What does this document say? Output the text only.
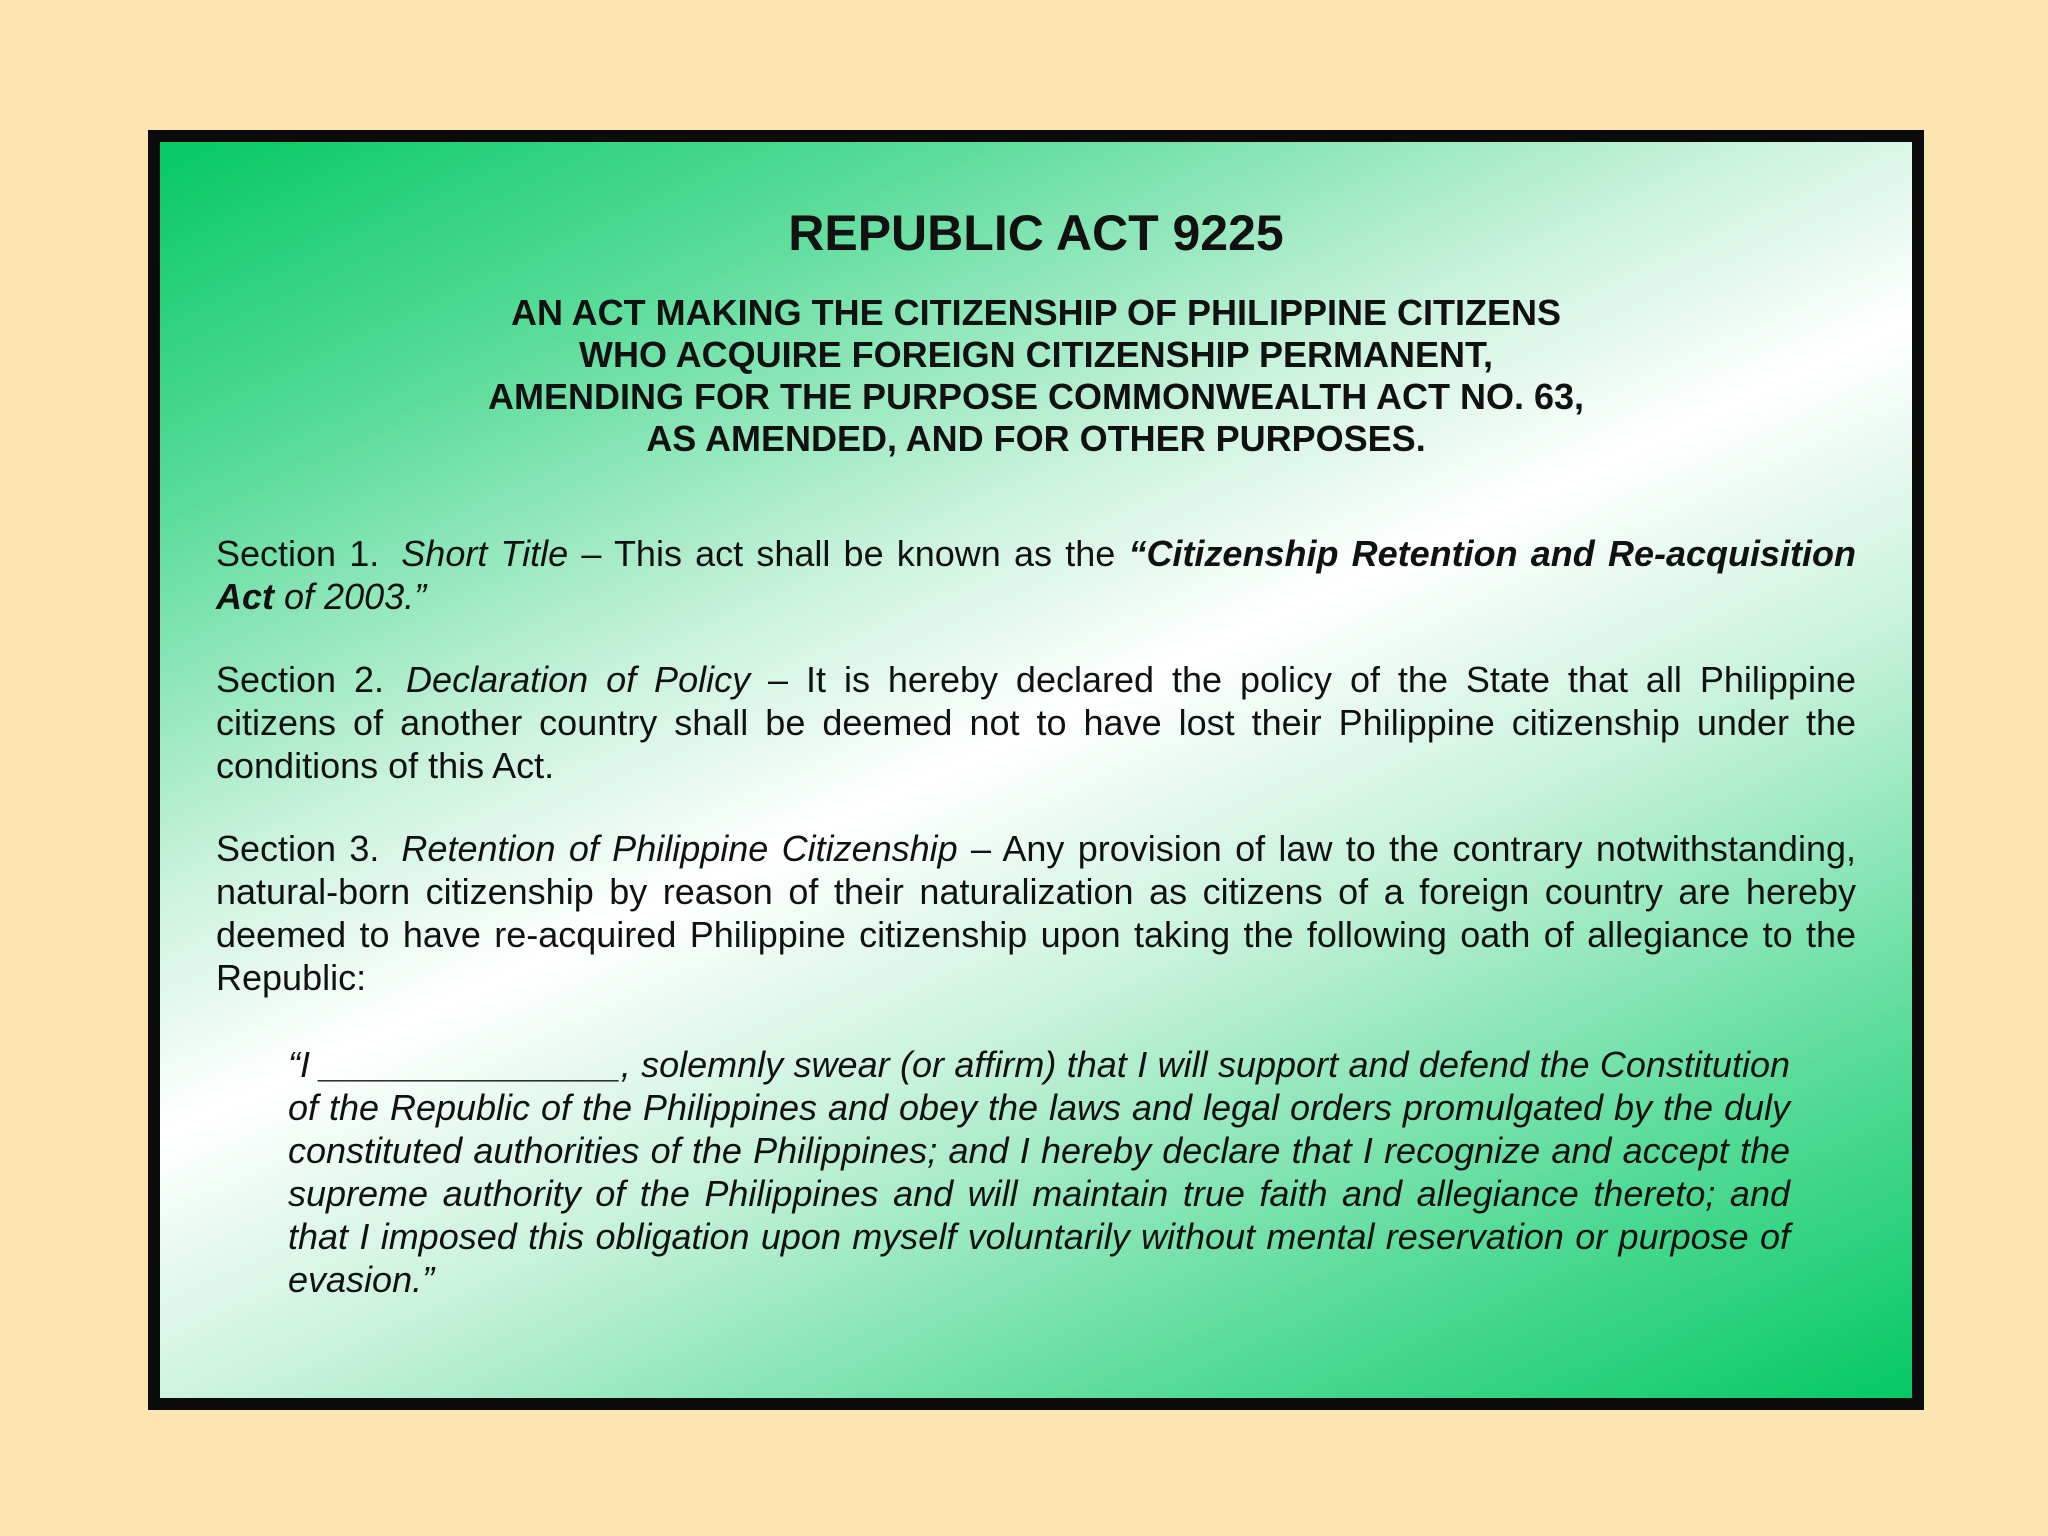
REPUBLIC ACT 9225
AN ACT MAKING THE CITIZENSHIP OF PHILIPPINE CITIZENS
WHO ACQUIRE FOREIGN CITIZENSHIP PERMANENT,
AMENDING FOR THE PURPOSE COMMONWEALTH ACT NO. 63,
AS AMENDED, AND FOR OTHER PURPOSES.

Section 1. Short Title – This act shall be known as the “Citizenship Retention and Re-acquisition Act of 2003.”

Section 2. Declaration of Policy – It is hereby declared the policy of the State that all Philippine citizens of another country shall be deemed not to have lost their Philippine citizenship under the conditions of this Act.

Section 3. Retention of Philippine Citizenship – Any provision of law to the contrary notwithstanding, natural-born citizenship by reason of their naturalization as citizens of a foreign country are hereby deemed to have re-acquired Philippine citizenship upon taking the following oath of allegiance to the Republic:

“I _______________, solemnly swear (or affirm) that I will support and defend the Constitution of the Republic of the Philippines and obey the laws and legal orders promulgated by the duly constituted authorities of the Philippines; and I hereby declare that I recognize and accept the supreme authority of the Philippines and will maintain true faith and allegiance thereto; and that I imposed this obligation upon myself voluntarily without mental reservation or purpose of evasion.”
